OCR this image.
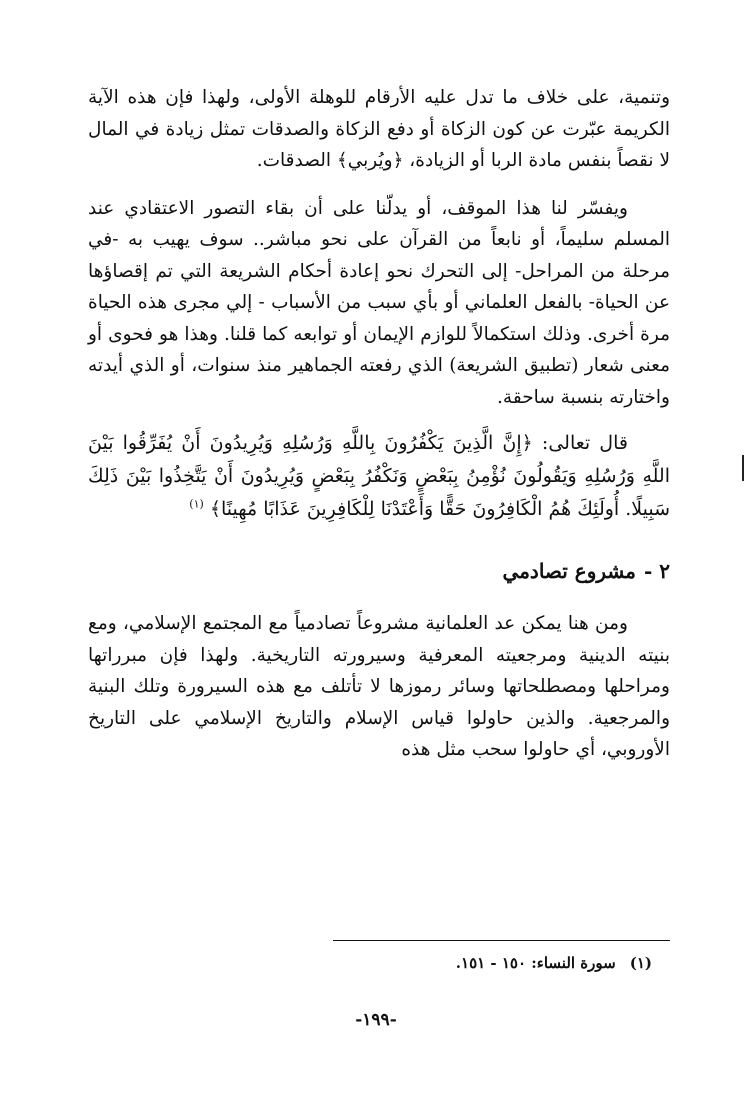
وتنمية، على خلاف ما تدل عليه الأرقام للوهلة الأولى، ولهذا فإن هذه الآية الكريمة عبّرت عن كون الزكاة أو دفع الزكاة والصدقات تمثل زيادة في المال لا نقصاً بنفس مادة الربا أو الزيادة، ﴿ويُربي﴾ الصدقات.

ويفسّر لنا هذا الموقف، أو يدلّنا على أن بقاء التصور الاعتقادي عند المسلم سليماً، أو نابعاً من القرآن على نحو مباشر.. سوف يهيب به -في مرحلة من المراحل- إلى التحرك نحو إعادة أحكام الشريعة التي تم إقصاؤها عن الحياة- بالفعل العلماني أو بأي سبب من الأسباب - إلي مجرى هذه الحياة مرة أخرى. وذلك استكمالاً للوازم الإيمان أو توابعه كما قلنا. وهذا هو فحوى أو معنى شعار (تطبيق الشريعة) الذي رفعته الجماهير منذ سنوات، أو الذي أيدته واختارته بنسبة ساحقة.

قال تعالى: ﴿إِنَّ الَّذِينَ يَكْفُرُونَ بِاللَّهِ وَرُسُلِهِ وَيُرِيدُونَ أَنْ يُفَرِّقُوا بَيْنَ اللَّهِ وَرُسُلِهِ وَيَقُولُونَ نُؤْمِنُ بِبَعْضٍ وَنَكْفُرُ بِبَعْضٍ وَيُرِيدُونَ أَنْ يَتَّخِذُوا بَيْنَ ذَلِكَ سَبِيلًا. أُولَئِكَ هُمُ الْكَافِرُونَ حَقًّا وَأَعْتَدْنَا لِلْكَافِرِينَ عَذَابًا مُهِينًا﴾ $^{(١)}$

٢ -
مشروع تصادمي

ومن هنا يمكن عد العلمانية مشروعاً تصادمياً مع المجتمع الإسلامي، ومع بنيته الدينية ومرجعيته المعرفية وسيرورته التاريخية. ولهذا فإن مبرراتها ومراحلها ومصطلحاتها وسائر رموزها لا تأتلف مع هذه السيرورة وتلك البنية والمرجعية. والذين حاولوا قياس الإسلام والتاريخ الإسلامي على التاريخ الأوروبي، أي حاولوا سحب مثل هذه

(١)
سورة النساء: ١٥٠ - ١٥١.
-١٩٩-
